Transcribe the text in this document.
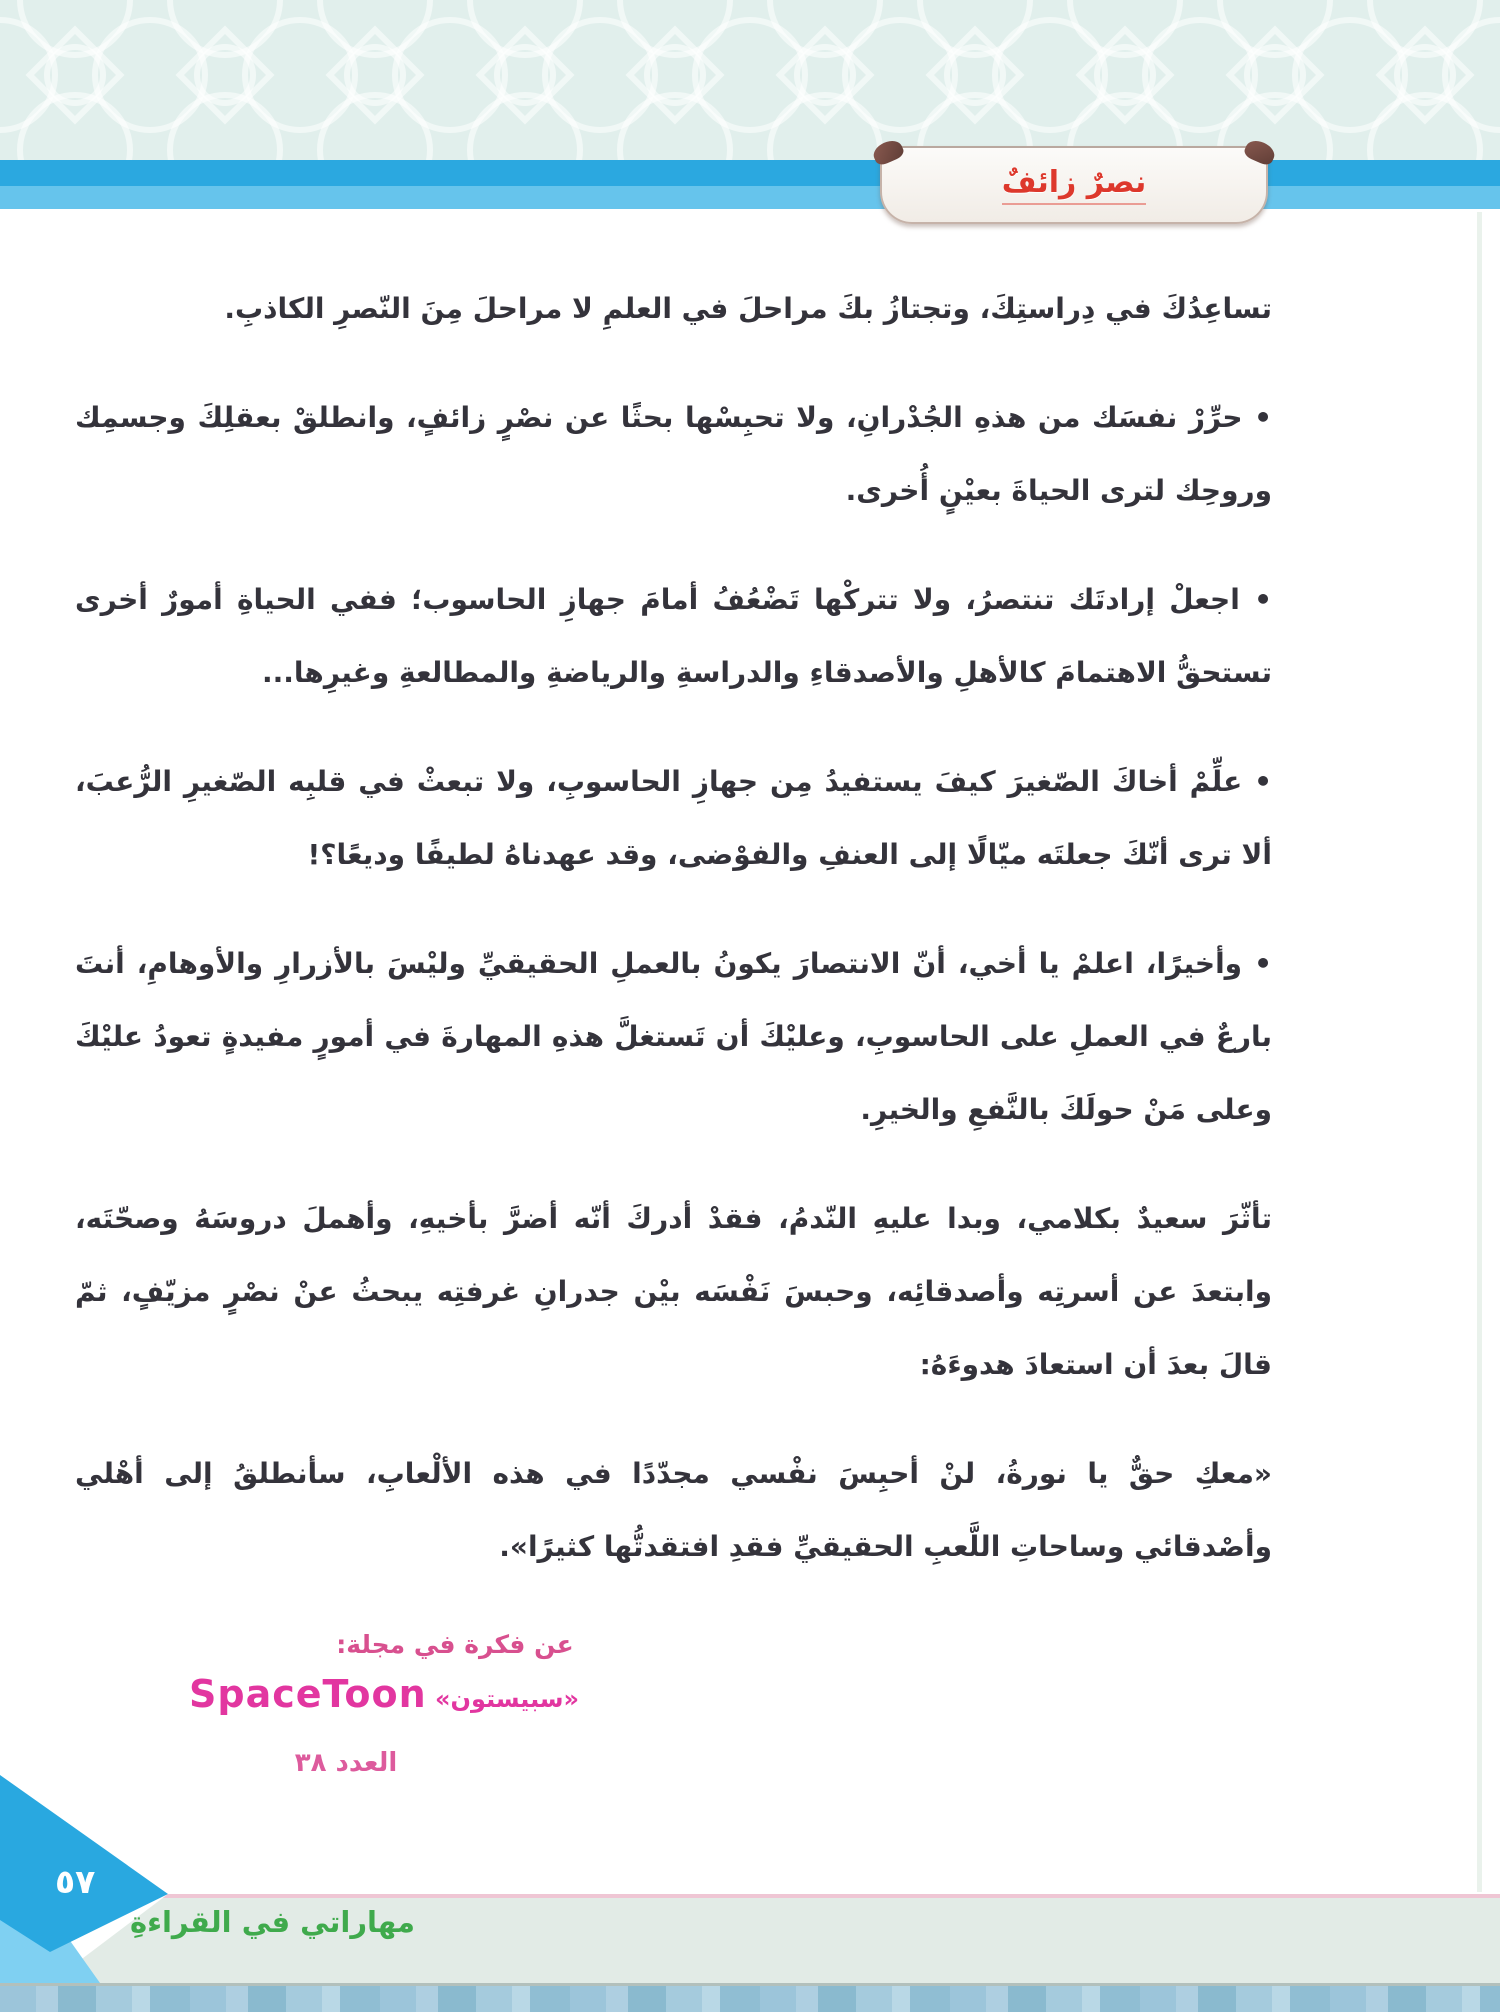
نصرٌ زائفٌ

تساعِدُكَ في دِراستِكَ، وتجتازُ بكَ مراحلَ في العلمِ لا مراحلَ مِنَ النّصرِ الكاذبِ.

• حرِّرْ نفسَك من هذهِ الجُدْرانِ، ولا تحبِسْها بحثًا عن نصْرٍ زائفٍ، وانطلقْ بعقلِكَ وجسمِك وروحِك لترى الحياةَ بعيْنٍ أُخرى.

• اجعلْ إرادتَك تنتصرُ، ولا تتركْها تَضْعُفُ أمامَ جهازِ الحاسوب؛ ففي الحياةِ أمورٌ أخرى تستحقُّ الاهتمامَ كالأهلِ والأصدقاءِ والدراسةِ والرياضةِ والمطالعةِ وغيرِها...

• علِّمْ أخاكَ الصّغيرَ كيفَ يستفيدُ مِن جهازِ الحاسوبِ، ولا تبعثْ في قلبِه الصّغيرِ الرُّعبَ، ألا ترى أنّكَ جعلتَه ميّالًا إلى العنفِ والفوْضى، وقد عهدناهُ لطيفًا وديعًا؟!

• وأخيرًا، اعلمْ يا أخي، أنّ الانتصارَ يكونُ بالعملِ الحقيقيِّ وليْسَ بالأزرارِ والأوهامِ، أنتَ بارعٌ في العملِ على الحاسوبِ، وعليْكَ أن تَستغلَّ هذهِ المهارةَ في أمورٍ مفيدةٍ تعودُ عليْكَ وعلى مَنْ حولَكَ بالنَّفعِ والخيرِ.

تأثّرَ سعيدٌ بكلامي، وبدا عليهِ النّدمُ، فقدْ أدركَ أنّه أضرَّ بأخيهِ، وأهملَ دروسَهُ وصحّتَه، وابتعدَ عن أسرتِه وأصدقائِه، وحبسَ نَفْسَه بيْن جدرانِ غرفتِه يبحثُ عنْ نصْرٍ مزيّفٍ، ثمّ قالَ بعدَ أن استعادَ هدوءَهُ:

«معكِ حقٌّ يا نورةُ، لنْ أحبِسَ نفْسي مجدّدًا في هذه الألْعابِ، سأنطلقُ إلى أهْلي وأصْدقائي وساحاتِ اللَّعبِ الحقيقيِّ فقدِ افتقدتُّها كثيرًا».

عن فكرة في مجلة:
«سبيستون» SpaceToon
العدد ٣٨
مهاراتي في القراءةِ
٥٧
